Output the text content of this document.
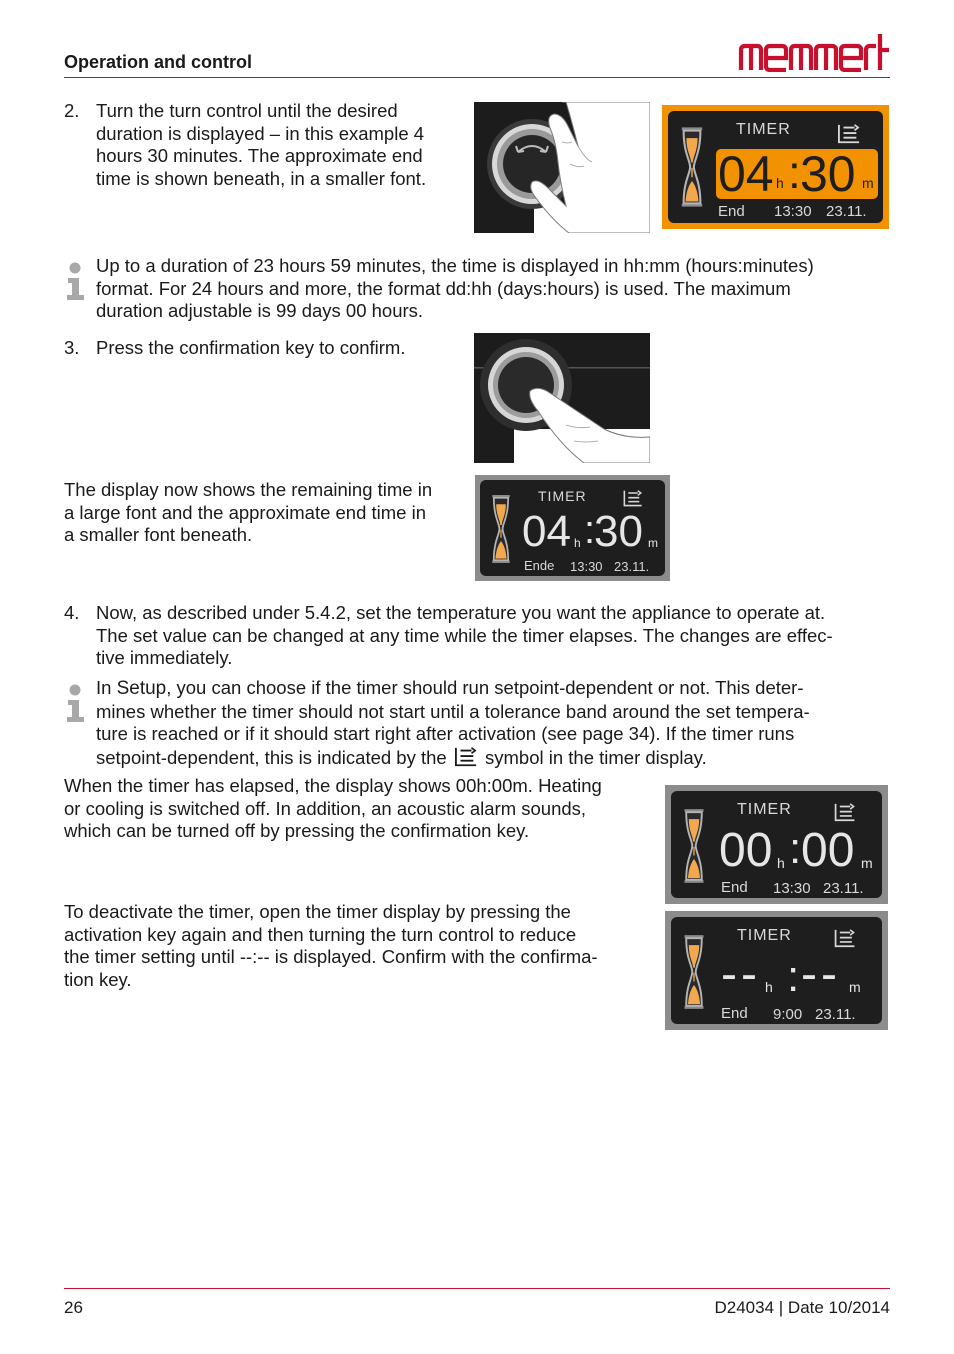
Operation and control
2. Turn the turn control until the desired
duration is displayed – in this example 4
hours 30 minutes. The approximate end
time is shown beneath, in a smaller font.
TIMER
04 h : 30 m
End 13:30 23.11.
Up to a duration of 23 hours 59 minutes, the time is displayed in hh:mm (hours:minutes)
format. For 24 hours and more, the format dd:hh (days:hours) is used. The maximum
duration adjustable is 99 days 00 hours.
3. Press the confirmation key to confirm.
The display now shows the remaining time in
a large font and the approximate end time in
a smaller font beneath.
TIMER
04 h :
30 m
Ende 13:30 23.11.
4. Now, as described under 5.4.2, set the temperature you want the appliance to operate at.
The set value can be changed at any time while the timer elapses. The changes are effec-
tive immediately.
In Setup, you can choose if the timer should run setpoint-dependent or not. This deter-
mines whether the timer should not start until a tolerance band around the set tempera-
ture is reached or if it should start right after activation (see page 34). If the timer runs
setpoint-dependent, this is indicated by the  symbol in the timer display.
When the timer has elapsed, the display shows 00h:00m. Heating
or cooling is switched off. In addition, an acoustic alarm sounds,
which can be turned off by pressing the confirmation key.
TIMER
00 h : 00 m
End 13:30 23.11.
To deactivate the timer, open the timer display by pressing the
activation key again and then turning the turn control to reduce
the timer setting until --:-- is displayed. Confirm with the confirma-
tion key.
TIMER
-- h : -- m
End 9:00 23.11.
26	D24034 | Date 10/2014
